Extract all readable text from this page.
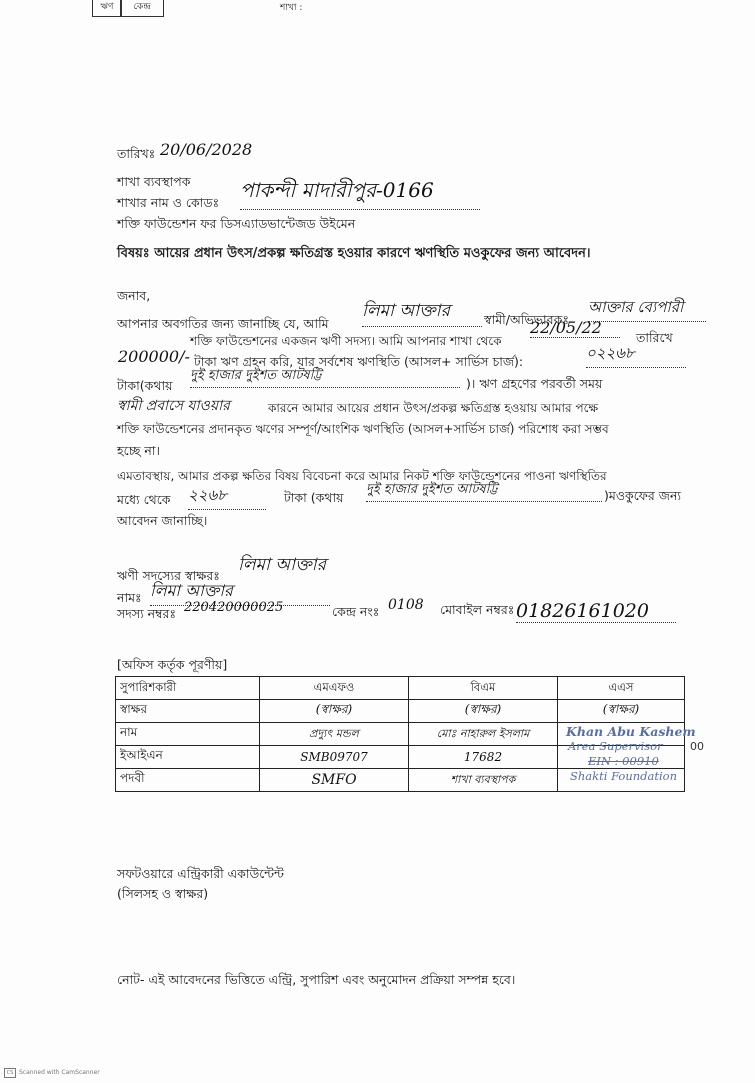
ঋণ	কেন্দ্র	শাখা :
তারিখঃ 20/06/2028
শাখা ব্যবস্থাপক
শাখার নাম ও কোডঃ
পাকন্দী মাদারীপুর-0166
শক্তি ফাউন্ডেশন ফর ডিসএ্যাডভান্টেজড উইমেন
বিষয়ঃ আয়ের প্রধান উৎস/প্রকল্প ক্ষতিগ্রস্ত হওয়ার কারণে ঋণস্থিতি মওকুফের জন্য আবেদন।
জনাব,
আপনার অবগতির জন্য জানাচ্ছি যে, আমি
লিমা আক্তার	স্বামী/অভিভাবকঃ
আক্তার ব্যেপারী
শক্তি ফাউন্ডেশনের একজন ঋণী সদস্য। আমি আপনার শাখা থেকে
22/05/22
তারিখে
200000/- টাকা ঋণ গ্রহন করি, যার সর্বশেষ ঋণস্থিতি (আসল+ সার্ভিস চার্জ):	০২২৬৮
টাকা(কথায়
দুই হাজার দুইশত আটষট্টি
)। ঋণ গ্রহণের পরবর্তী সময়
স্বামী প্রবাসে যাওয়ার	কারনে আমার আয়ের প্রধান উৎস/প্রকল্প ক্ষতিগ্রস্ত হওয়ায় আমার পক্ষে
শক্তি ফাউন্ডেশনের প্রদানকৃত ঋণের সম্পূর্ণ/আংশিক ঋণস্থিতি (আসল+সার্ভিস চার্জ) পরিশোধ করা সম্ভব
হচ্ছে না।
এমতাবস্থায়, আমার প্রকল্প ক্ষতির বিষয় বিবেচনা করে আমার নিকট শক্তি ফাউন্ডেশনের পাওনা ঋণস্থিতির
মধ্যে থেকে ২২৬৮	টাকা (কথায়
দুই হাজার দুইশত আটষট্টি	)মওকুফের জন্য
আবেদন জানাচ্ছি।
ঋণী সদস্যের স্বাক্ষরঃ
লিমা আক্তার
নামঃ লিমা আক্তার
সদস্য নম্বরঃ 220420000025	কেন্দ্র নংঃ 0108 মোবাইল নম্বরঃ 01826161020
[অফিস কর্তৃক পূরণীয়]
সুপারিশকারী	এমএফও	বিএম	এএস
স্বাক্ষর	(স্বাক্ষর)	(স্বাক্ষর)	(স্বাক্ষর)
নাম	প্রদ্যুৎ মন্ডল	মোঃ নাহারুল ইসলাম	
ইআইএন	SMB09707	17682	
পদবী	SMFO	শাখা ব্যবস্থাপক	
Khan Abu Kashem
Area Supervisor
EIN : 00910
Shakti Foundation
00
সফটওয়ারে এন্ট্রিকারী একাউন্টেন্ট
(সিলসহ ও স্বাক্ষর)
নোট- এই আবেদনের ভিত্তিতে এন্ট্রি, সুপারিশ এবং অনুমোদন প্রক্রিয়া সম্পন্ন হবে।
CS Scanned with CamScanner
